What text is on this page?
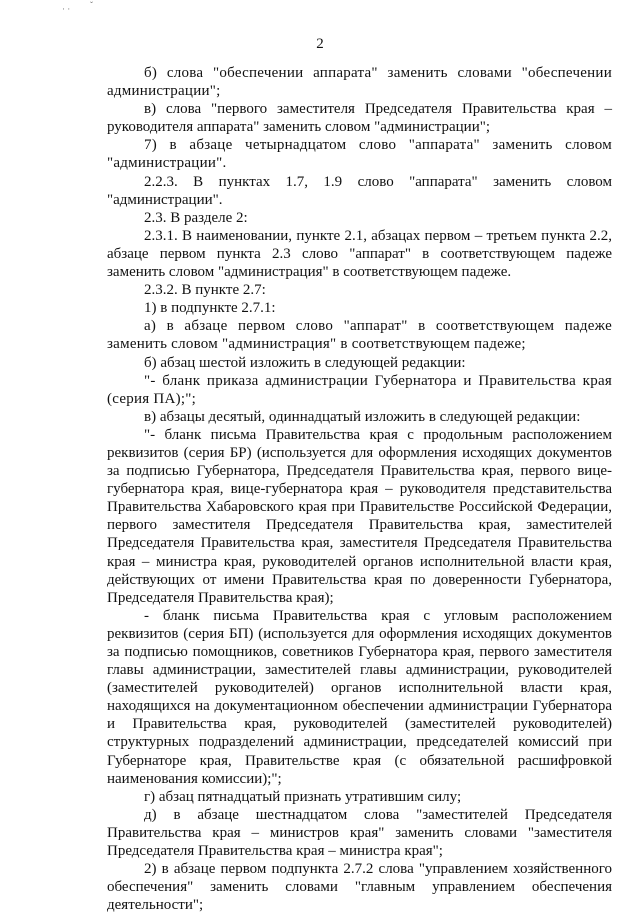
· · ˇ
2

б) слова "обеспечении аппарата" заменить словами "обеспечении администрации";

в) слова "первого заместителя Председателя Правительства края – руководителя аппарата" заменить словом "администрации";

7) в абзаце четырнадцатом слово "аппарата" заменить словом "администрации".

2.2.3. В пунктах 1.7, 1.9 слово "аппарата" заменить словом "администрации".

2.3. В разделе 2:

2.3.1. В наименовании, пункте 2.1, абзацах первом – третьем пункта 2.2, абзаце первом пункта 2.3 слово "аппарат" в соответствующем падеже заменить словом "администрация" в соответствующем падеже.

2.3.2. В пункте 2.7:

1) в подпункте 2.7.1:

а) в абзаце первом слово "аппарат" в соответствующем падеже заменить словом "администрация" в соответствующем падеже;

б) абзац шестой изложить в следующей редакции:

"- бланк приказа администрации Губернатора и Правительства края (серия ПА);";

в) абзацы десятый, одиннадцатый изложить в следующей редакции:

"- бланк письма Правительства края с продольным расположением реквизитов (серия БР) (используется для оформления исходящих документов за подписью Губернатора, Председателя Правительства края, первого вице-губернатора края, вице-губернатора края – руководителя представительства Правительства Хабаровского края при Правительстве Российской Федерации, первого заместителя Председателя Правительства края, заместителей Председателя Правительства края, заместителя Председателя Правительства края – министра края, руководителей органов исполнительной власти края, действующих от имени Правительства края по доверенности Губернатора, Председателя Правительства края);

- бланк письма Правительства края с угловым расположением реквизитов (серия БП) (используется для оформления исходящих документов за подписью помощников, советников Губернатора края, первого заместителя главы администрации, заместителей главы администрации, руководителей (заместителей руководителей) органов исполнительной власти края, находящихся на документационном обеспечении администрации Губернатора и Правительства края, руководителей (заместителей руководителей) структурных подразделений администрации, председателей комиссий при Губернаторе края, Правительстве края (с обязательной расшифровкой наименования комиссии);";

г) абзац пятнадцатый признать утратившим силу;

д) в абзаце шестнадцатом слова "заместителей Председателя Правительства края – министров края" заменить словами "заместителя Председателя Правительства края – министра края";

2) в абзаце первом подпункта 2.7.2 слова "управлением хозяйственного обеспечения" заменить словами "главным управлением обеспечения деятельности";
